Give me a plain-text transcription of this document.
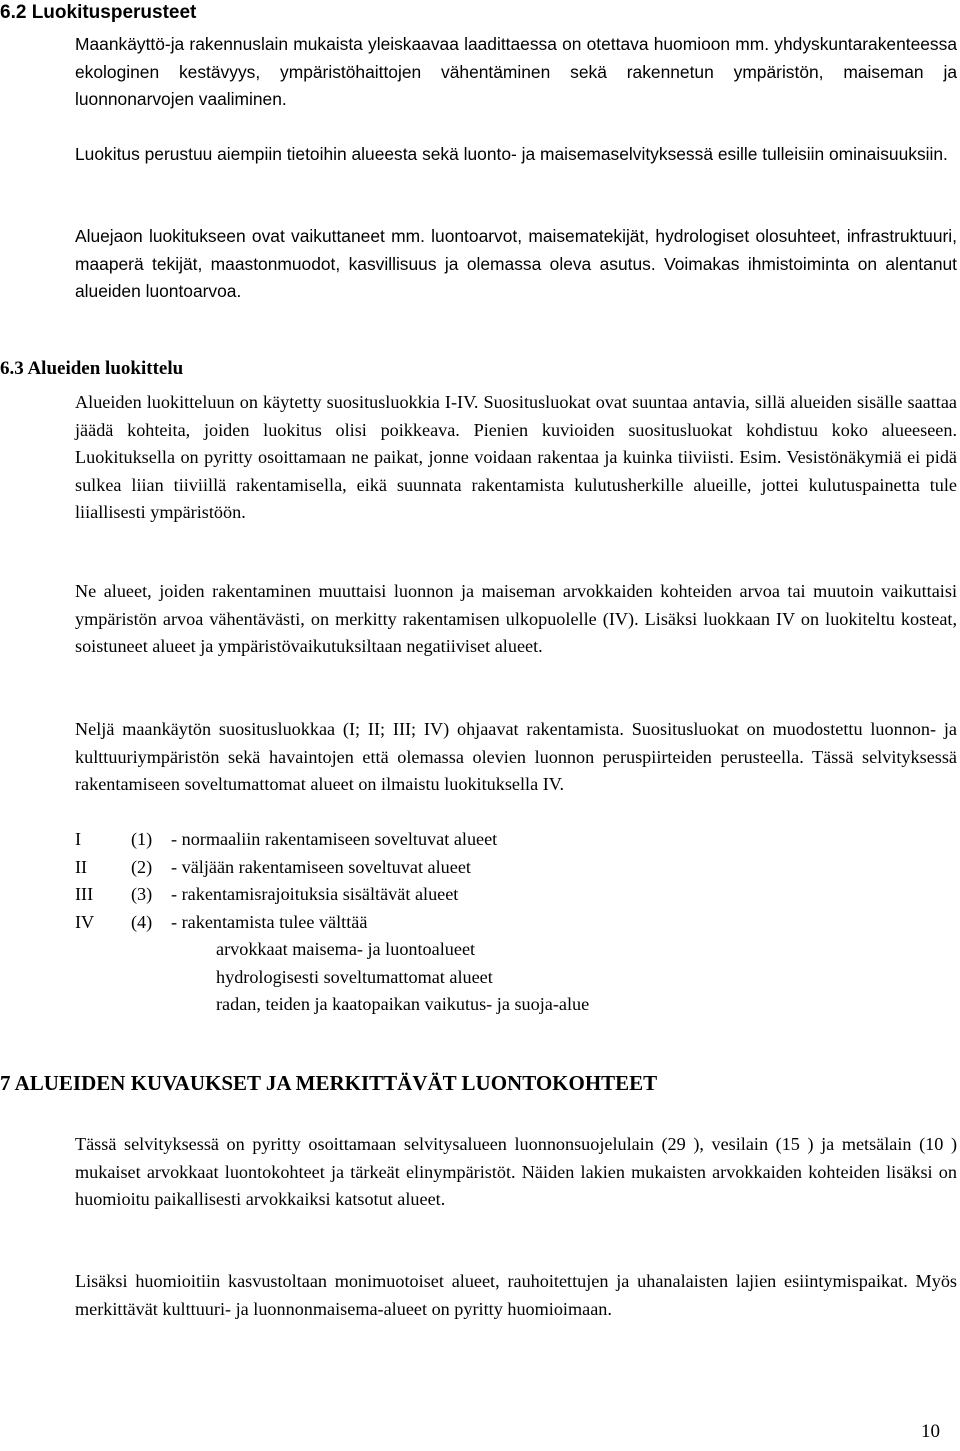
6.2 Luokitusperusteet

Maankäyttö-ja rakennuslain mukaista yleiskaavaa laadittaessa on otettava huomioon mm. yhdyskuntarakenteessa ekologinen kestävyys, ympäristöhaittojen vähentäminen sekä rakennetun ympäristön, maiseman ja luonnonarvojen vaaliminen.

Luokitus perustuu aiempiin tietoihin alueesta sekä luonto- ja maisemaselvityksessä esille tulleisiin ominaisuuksiin.

Aluejaon luokitukseen ovat vaikuttaneet mm. luontoarvot, maisematekijät, hydrologiset olosuhteet, infrastruktuuri, maaperä tekijät, maastonmuodot, kasvillisuus ja olemassa oleva asutus. Voimakas ihmistoiminta on alentanut alueiden luontoarvoa.

6.3 Alueiden luokittelu

Alueiden luokitteluun on käytetty suositusluokkia I-IV. Suositusluokat ovat suuntaa antavia, sillä alueiden sisälle saattaa jäädä kohteita, joiden luokitus olisi poikkeava. Pienien kuvioiden suositusluokat kohdistuu koko alueeseen. Luokituksella on pyritty osoittamaan ne paikat, jonne voidaan rakentaa ja kuinka tiiviisti. Esim. Vesistönäkymiä ei pidä sulkea liian tiiviillä rakentamisella, eikä suunnata rakentamista kulutusherkille alueille, jottei kulutuspainetta tule liiallisesti ympäristöön.

Ne alueet, joiden rakentaminen muuttaisi luonnon ja maiseman arvokkaiden kohteiden arvoa tai muutoin vaikuttaisi ympäristön arvoa vähentävästi, on merkitty rakentamisen ulkopuolelle (IV). Lisäksi luokkaan IV on luokiteltu kosteat, soistuneet alueet ja ympäristövaikutuksiltaan negatiiviset alueet.

Neljä maankäytön suositusluokkaa (I; II; III; IV) ohjaavat rakentamista. Suositusluokat on muodostettu luonnon- ja kulttuuriympäristön sekä havaintojen että olemassa olevien luonnon peruspiirteiden perusteella. Tässä selvityksessä rakentamiseen soveltumattomat alueet on ilmaistu luokituksella IV.

I	(1) - normaaliin rakentamiseen soveltuvat alueet
II (2) - väljään rakentamiseen soveltuvat alueet
III (3) - rakentamisrajoituksia sisältävät alueet
IV (4) - rakentamista tulee välttää
arvokkaat maisema- ja luontoalueet
hydrologisesti soveltumattomat alueet
radan, teiden ja kaatopaikan vaikutus- ja suoja-alue
7 ALUEIDEN KUVAUKSET JA MERKITTÄVÄT LUONTOKOHTEET

Tässä selvityksessä on pyritty osoittamaan selvitysalueen luonnonsuojelulain (29 ), vesilain (15 ) ja metsälain (10 ) mukaiset arvokkaat luontokohteet ja tärkeät elinympäristöt. Näiden lakien mukaisten arvokkaiden kohteiden lisäksi on huomioitu paikallisesti arvokkaiksi katsotut alueet.

Lisäksi huomioitiin kasvustoltaan monimuotoiset alueet, rauhoitettujen ja uhanalaisten lajien esiintymispaikat. Myös merkittävät kulttuuri- ja luonnonmaisema-alueet on pyritty huomioimaan.

10
